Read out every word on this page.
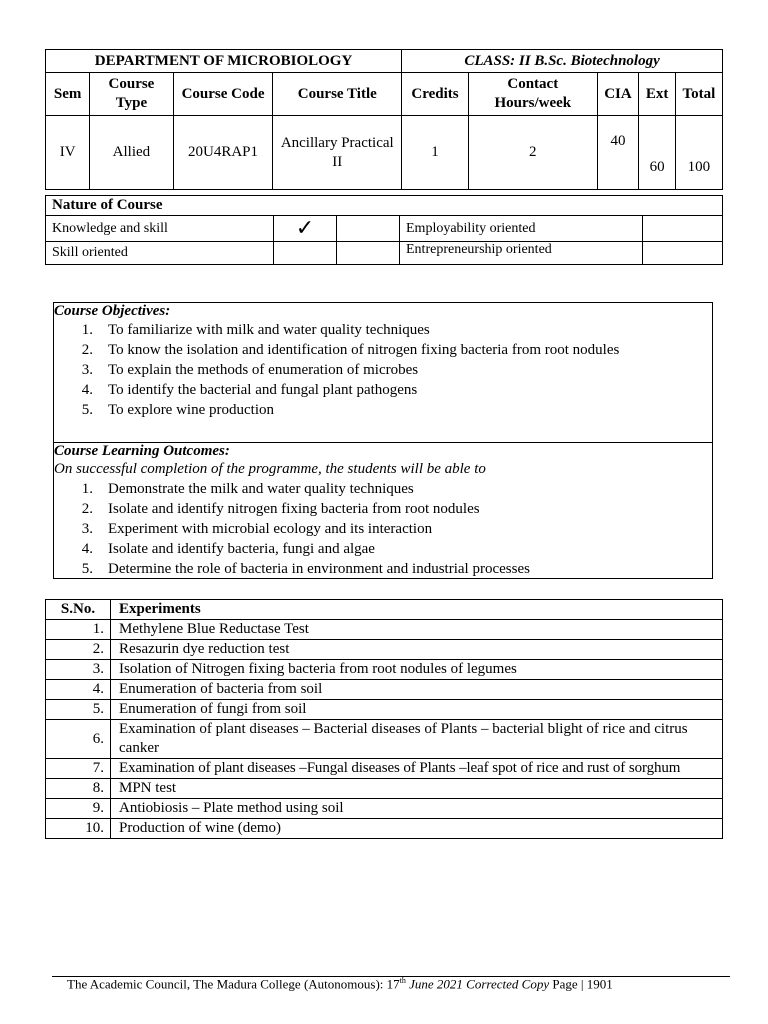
DEPARTMENT OF MICROBIOLOGY				CLASS: II B.Sc. Biotechnology				
Sem	Course Type	Course Code	Course Title	Credits	Contact Hours/week	CIA	Ext	Total
IV	Allied	20U4RAP1	Ancillary Practical II	1	2	40	60	100
Nature of Course				
Knowledge and skill	✓		Employability oriented	
Skill oriented			Entrepreneurship oriented	
Course Objectives:
1. To familiarize with milk and water quality techniques
2. To know the isolation and identification of nitrogen fixing bacteria from root nodules
3. To explain the methods of enumeration of microbes
4. To identify the bacterial and fungal plant pathogens
5. To explore wine production
Course Learning Outcomes:
On successful completion of the programme, the students will be able to
1. Demonstrate the milk and water quality techniques
2. Isolate and identify nitrogen fixing bacteria from root nodules
3. Experiment with microbial ecology and its interaction
4. Isolate and identify bacteria, fungi and algae
5. Determine the role of bacteria in environment and industrial processes
S.No.	Experiments
1.	Methylene Blue Reductase Test
2.	Resazurin dye reduction test
3.	Isolation of Nitrogen fixing bacteria from root nodules of legumes
4.	Enumeration of bacteria from soil
5.	Enumeration of fungi from soil
6.	Examination of plant diseases – Bacterial diseases of Plants – bacterial blight of rice and citrus canker
7.	Examination of plant diseases –Fungal diseases of Plants –leaf spot of rice and rust of sorghum
8.	MPN test
9.	Antiobiosis – Plate method using soil
10.	Production of wine (demo)
The Academic Council, The Madura College (Autonomous): 17th June 2021 Corrected Copy Page | 1901
